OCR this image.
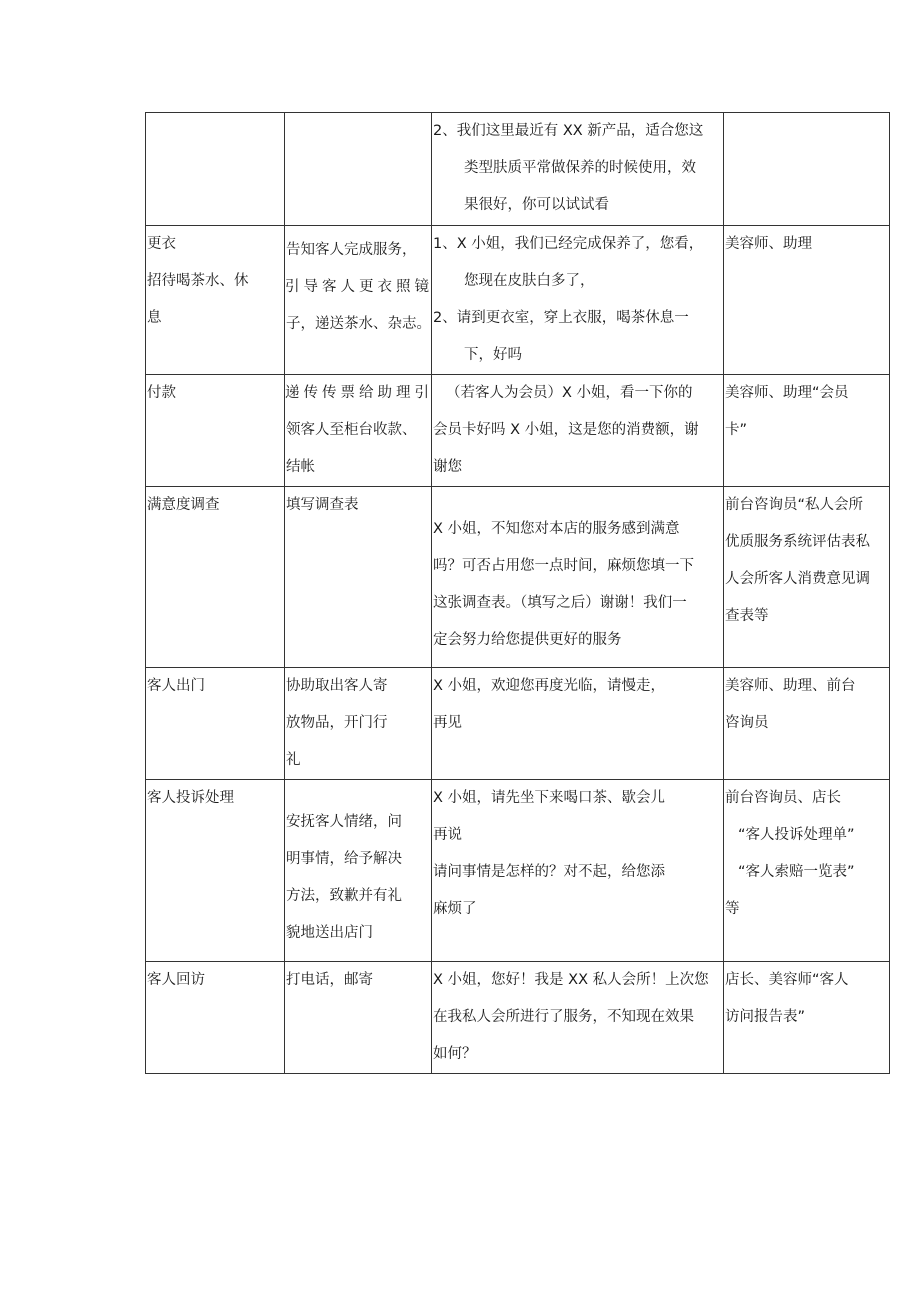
		2、我们这里最近有 XX 新产品，适合您这
类型肤质平常做保养的时候使用，效
果很好，你可以试试看	

更衣
招待喝茶水、休
息	告知客人完成服务，
引导客人更衣照镜
子，递送茶水、杂志。	1、X 小姐，我们已经完成保养了，您看，
您现在皮肤白多了，
2、请到更衣室，穿上衣服，喝茶休息一
下，好吗	美容师、助理

付款	递传传票给助理引
领客人至柜台收款、
结帐	（若客人为会员）X 小姐，看一下你的
会员卡好吗 X 小姐，这是您的消费额，谢
谢您	美容师、助理“会员
卡”

满意度调查	填写调查表	X 小姐，不知您对本店的服务感到满意
吗？可否占用您一点时间，麻烦您填一下
这张调查表。（填写之后）谢谢！我们一
定会努力给您提供更好的服务	前台咨询员“私人会所
优质服务系统评估表私
人会所客人消费意见调
查表等

客人出门	协助取出客人寄
放物品，开门行
礼	X 小姐，欢迎您再度光临，请慢走，
再见	美容师、助理、前台
咨询员

客人投诉处理	安抚客人情绪，问
明事情，给予解决
方法，致歉并有礼
貌地送出店门	X 小姐，请先坐下来喝口茶、歇会儿
再说
请问事情是怎样的？对不起，给您添
麻烦了	前台咨询员、店长
“客人投诉处理单”
“客人索赔一览表”
等

客人回访	打电话，邮寄	X 小姐，您好！我是 XX 私人会所！上次您
在我私人会所进行了服务，不知现在效果
如何？	店长、美容师“客人
访问报告表”
